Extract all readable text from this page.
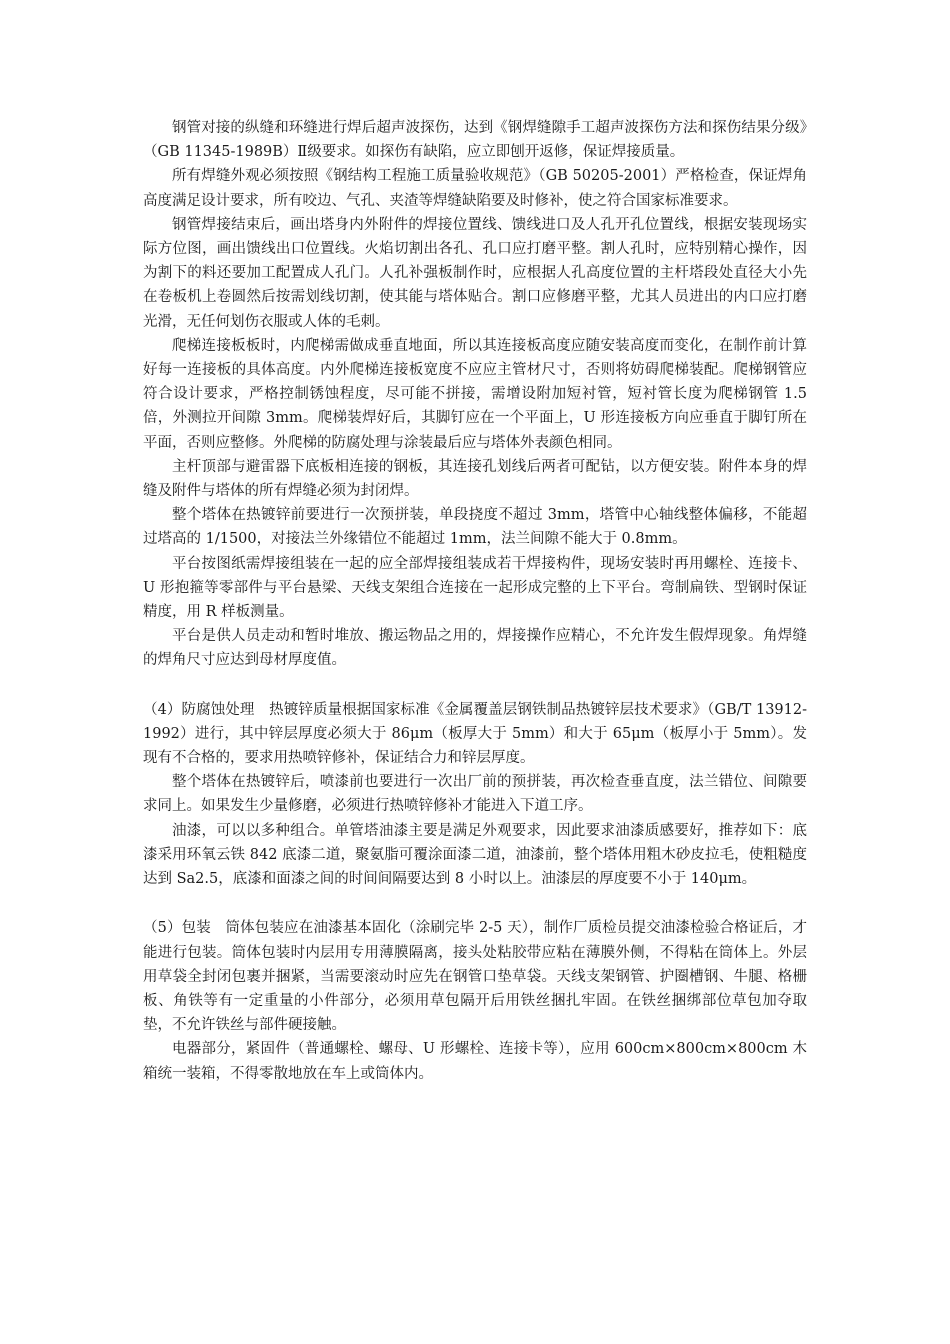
钢管对接的纵缝和环缝进行焊后超声波探伤，达到《钢焊缝隙手工超声波探伤方法和探伤结果分级》（GB 11345-1989B）Ⅱ级要求。如探伤有缺陷，应立即刨开返修，保证焊接质量。

所有焊缝外观必须按照《钢结构工程施工质量验收规范》（GB 50205-2001）严格检查，保证焊角高度满足设计要求，所有咬边、气孔、夹渣等焊缝缺陷要及时修补，使之符合国家标准要求。

钢管焊接结束后，画出塔身内外附件的焊接位置线、馈线进口及人孔开孔位置线，根据安装现场实际方位图，画出馈线出口位置线。火焰切割出各孔、孔口应打磨平整。割人孔时，应特别精心操作，因为割下的料还要加工配置成人孔门。人孔补强板制作时，应根据人孔高度位置的主杆塔段处直径大小先在卷板机上卷圆然后按需划线切割，使其能与塔体贴合。割口应修磨平整，尤其人员进出的内口应打磨光滑，无任何划伤衣服或人体的毛刺。

爬梯连接板板时，内爬梯需做成垂直地面，所以其连接板高度应随安装高度而变化，在制作前计算好每一连接板的具体高度。内外爬梯连接板宽度不应应主管材尺寸，否则将妨碍爬梯装配。爬梯钢管应符合设计要求，严格控制锈蚀程度，尽可能不拼接，需增设附加短衬管，短衬管长度为爬梯钢管 1.5 倍，外测拉开间隙 3mm。爬梯装焊好后，其脚钉应在一个平面上，U 形连接板方向应垂直于脚钉所在平面，否则应整修。外爬梯的防腐处理与涂装最后应与塔体外表颜色相同。

主杆顶部与避雷器下底板相连接的钢板，其连接孔划线后两者可配钻，以方便安装。附件本身的焊缝及附件与塔体的所有焊缝必须为封闭焊。

整个塔体在热镀锌前要进行一次预拼装，单段挠度不超过 3mm，塔管中心轴线整体偏移，不能超过塔高的 1/1500，对接法兰外缘错位不能超过 1mm，法兰间隙不能大于 0.8mm。

平台按图纸需焊接组装在一起的应全部焊接组装成若干焊接构件，现场安装时再用螺栓、连接卡、U 形抱箍等零部件与平台悬梁、天线支架组合连接在一起形成完整的上下平台。弯制扁铁、型钢时保证精度，用 R 样板测量。

平台是供人员走动和暂时堆放、搬运物品之用的，焊接操作应精心，不允许发生假焊现象。角焊缝的焊角尺寸应达到母材厚度值。

（4）防腐蚀处理　 热镀锌质量根据国家标准《金属覆盖层钢铁制品热镀锌层技术要求》（GB/T 13912-1992）进行，其中锌层厚度必须大于 86μm（板厚大于 5mm）和大于 65μm（板厚小于 5mm）。发现有不合格的，要求用热喷锌修补，保证结合力和锌层厚度。

整个塔体在热镀锌后，喷漆前也要进行一次出厂前的预拼装，再次检查垂直度，法兰错位、间隙要求同上。如果发生少量修磨，必须进行热喷锌修补才能进入下道工序。

油漆，可以以多种组合。单管塔油漆主要是满足外观要求，因此要求油漆质感要好，推荐如下：底漆采用环氧云铁 842 底漆二道，聚氨脂可覆涂面漆二道，油漆前，整个塔体用粗木砂皮拉毛，使粗糙度达到 Sa2.5，底漆和面漆之间的时间间隔要达到 8 小时以上。油漆层的厚度要不小于 140μm。

（5）包装　 筒体包装应在油漆基本固化（涂刷完毕 2-5 天），制作厂质检员提交油漆检验合格证后，才能进行包装。筒体包装时内层用专用薄膜隔离，接头处粘胶带应粘在薄膜外侧，不得粘在筒体上。外层用草袋全封闭包裹并捆紧，当需要滚动时应先在钢管口垫草袋。天线支架钢管、护圈槽钢、牛腿、格栅板、角铁等有一定重量的小件部分，必须用草包隔开后用铁丝捆扎牢固。在铁丝捆绑部位草包加夺取垫，不允许铁丝与部件硬接触。

电器部分，紧固件（普通螺栓、螺母、U 形螺栓、连接卡等），应用 600cm×800cm×800cm 木箱统一装箱，不得零散地放在车上或筒体内。
